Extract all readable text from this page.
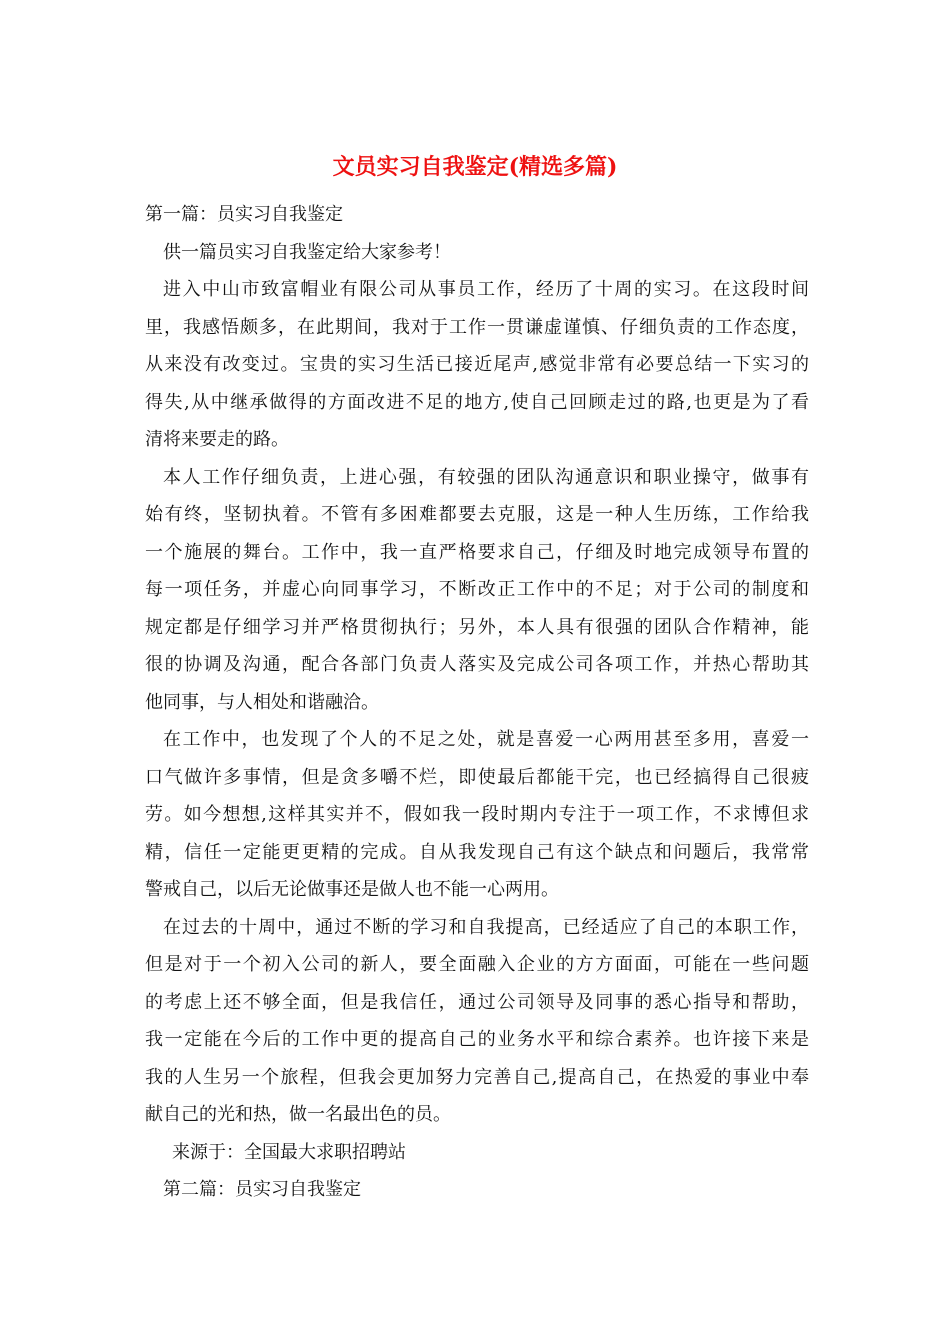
文员实习自我鉴定(精选多篇)
第一篇：员实习自我鉴定
供一篇员实习自我鉴定给大家参考！
进入中山市致富帽业有限公司从事员工作，经历了十周的实习。在这段时间
里，我感悟颇多，在此期间，我对于工作一贯谦虚谨慎、仔细负责的工作态度，
从来没有改变过。宝贵的实习生活已接近尾声,感觉非常有必要总结一下实习的
得失,从中继承做得的方面改进不足的地方,使自己回顾走过的路,也更是为了看
清将来要走的路。
本人工作仔细负责，上进心强，有较强的团队沟通意识和职业操守，做事有
始有终，坚韧执着。不管有多困难都要去克服，这是一种人生历练，工作给我
一个施展的舞台。工作中，我一直严格要求自己，仔细及时地完成领导布置的
每一项任务，并虚心向同事学习，不断改正工作中的不足；对于公司的制度和
规定都是仔细学习并严格贯彻执行；另外，本人具有很强的团队合作精神，能
很的协调及沟通，配合各部门负责人落实及完成公司各项工作，并热心帮助其
他同事，与人相处和谐融洽。
在工作中，也发现了个人的不足之处，就是喜爱一心两用甚至多用，喜爱一
口气做许多事情，但是贪多嚼不烂，即使最后都能干完，也已经搞得自己很疲
劳。如今想想,这样其实并不，假如我一段时期内专注于一项工作，不求博但求
精，信任一定能更更精的完成。自从我发现自己有这个缺点和问题后，我常常
警戒自己，以后无论做事还是做人也不能一心两用。
在过去的十周中，通过不断的学习和自我提高，已经适应了自己的本职工作，
但是对于一个初入公司的新人，要全面融入企业的方方面面，可能在一些问题
的考虑上还不够全面，但是我信任，通过公司领导及同事的悉心指导和帮助，
我一定能在今后的工作中更的提高自己的业务水平和综合素养。也许接下来是
我的人生另一个旅程，但我会更加努力完善自己,提高自己，在热爱的事业中奉
献自己的光和热，做一名最出色的员。
来源于：全国最大求职招聘站
第二篇：员实习自我鉴定
